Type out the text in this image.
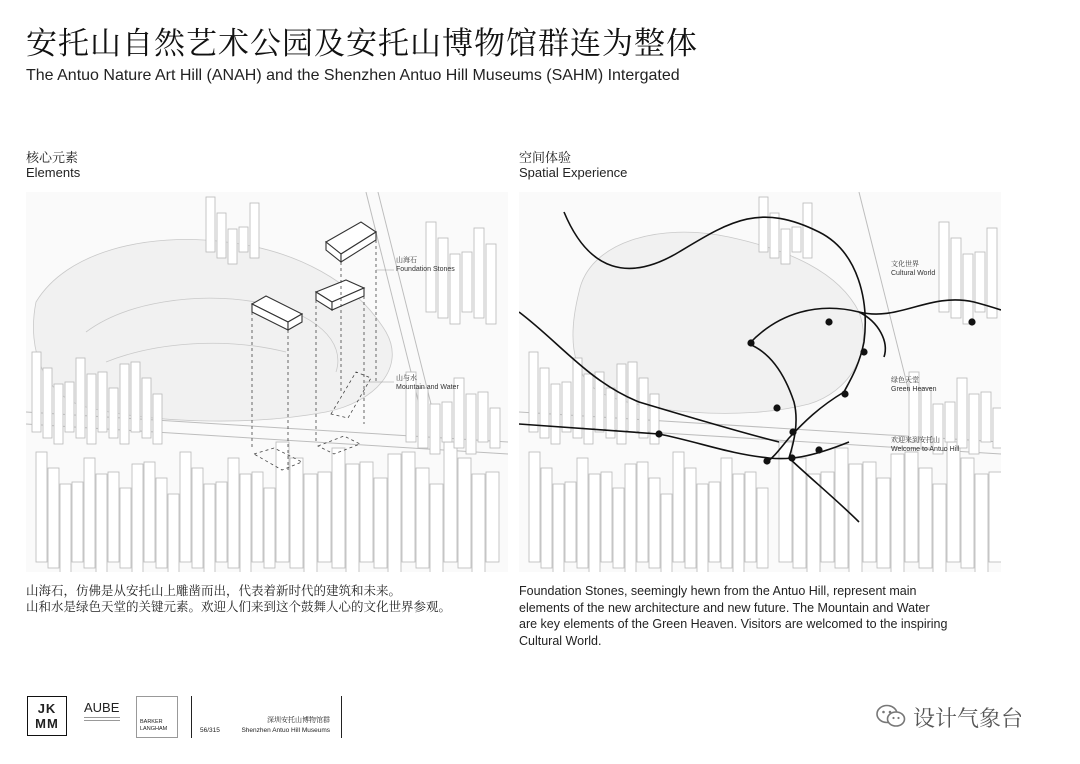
安托山自然艺术公园及安托山博物馆群连为整体
The Antuo Nature Art Hill (ANAH) and the Shenzhen Antuo Hill Museums (SAHM) Intergated
核心元素
Elements
空间体验
Spatial Experience
山海石
Foundation Stones
山与水
Mountain and Water
文化世界
Cultural World
绿色天堂
Green Heaven
欢迎来到安托山
Welcome to Antuo Hill
山海石，仿佛是从安托山上雕凿而出，代表着新时代的建筑和未来。
山和水是绿色天堂的关键元素。欢迎人们来到这个鼓舞人心的文化世界参观。
Foundation Stones, seemingly hewn from the Antuo Hill, represent main
elements of the new architecture and new future. The Mountain and Water
are key elements of the Green Heaven. Visitors are welcomed to the inspiring
Cultural World.
JK
MM
AUBE
BARKER
LANGHAM	56/315
深圳安托山博物馆群
Shenzhen Antuo Hill Museums	设计气象台
